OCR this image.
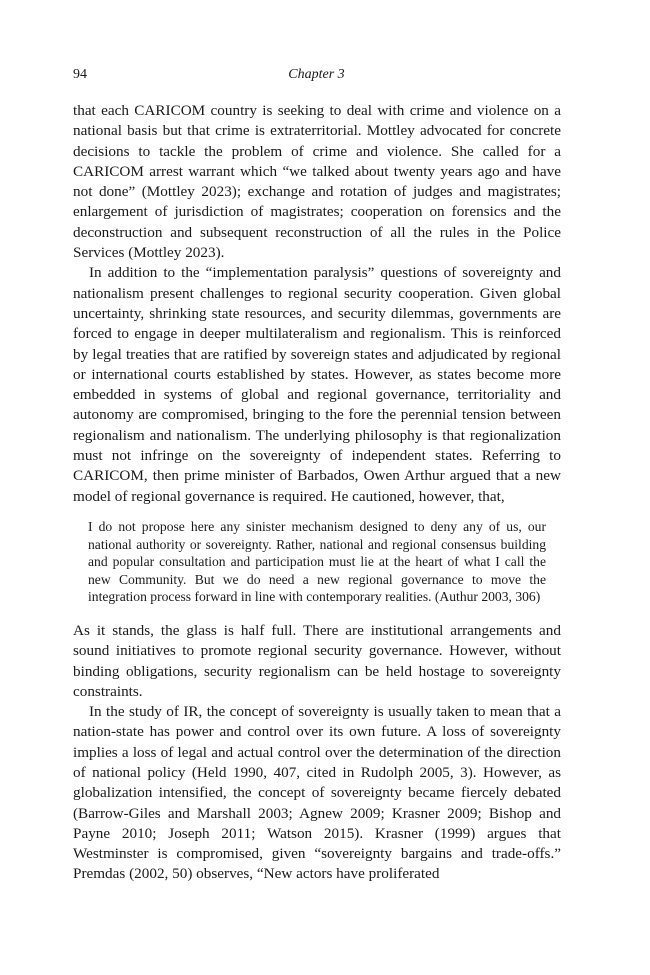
94	Chapter 3

that each CARICOM country is seeking to deal with crime and violence on a national basis but that crime is extraterritorial. Mottley advocated for concrete decisions to tackle the problem of crime and violence. She called for a CARICOM arrest warrant which “we talked about twenty years ago and have not done” (Mottley 2023); exchange and rotation of judges and magistrates; enlargement of jurisdiction of magistrates; cooperation on forensics and the deconstruction and subsequent reconstruction of all the rules in the Police Services (Mottley 2023).

In addition to the “implementation paralysis” questions of sovereignty and nationalism present challenges to regional security cooperation. Given global uncertainty, shrinking state resources, and security dilemmas, governments are forced to engage in deeper multilateralism and regionalism. This is reinforced by legal treaties that are ratified by sovereign states and adjudicated by regional or international courts established by states. However, as states become more embedded in systems of global and regional governance, territoriality and autonomy are compromised, bringing to the fore the perennial tension between regionalism and nationalism. The underlying philosophy is that regionalization must not infringe on the sovereignty of independent states. Referring to CARICOM, then prime minister of Barbados, Owen Arthur argued that a new model of regional governance is required. He cautioned, however, that,

I do not propose here any sinister mechanism designed to deny any of us, our national authority or sovereignty. Rather, national and regional consensus building and popular consultation and participation must lie at the heart of what I call the new Community. But we do need a new regional governance to move the integration process forward in line with contemporary realities. (Authur 2003, 306)

As it stands, the glass is half full. There are institutional arrangements and sound initiatives to promote regional security governance. However, without binding obligations, security regionalism can be held hostage to sovereignty constraints.

In the study of IR, the concept of sovereignty is usually taken to mean that a nation-state has power and control over its own future. A loss of sovereignty implies a loss of legal and actual control over the determination of the direction of national policy (Held 1990, 407, cited in Rudolph 2005, 3). However, as globalization intensified, the concept of sovereignty became fiercely debated (Barrow-Giles and Marshall 2003; Agnew 2009; Krasner 2009; Bishop and Payne 2010; Joseph 2011; Watson 2015). Krasner (1999) argues that Westminster is compromised, given “sovereignty bargains and trade-offs.” Premdas (2002, 50) observes, “New actors have proliferated
